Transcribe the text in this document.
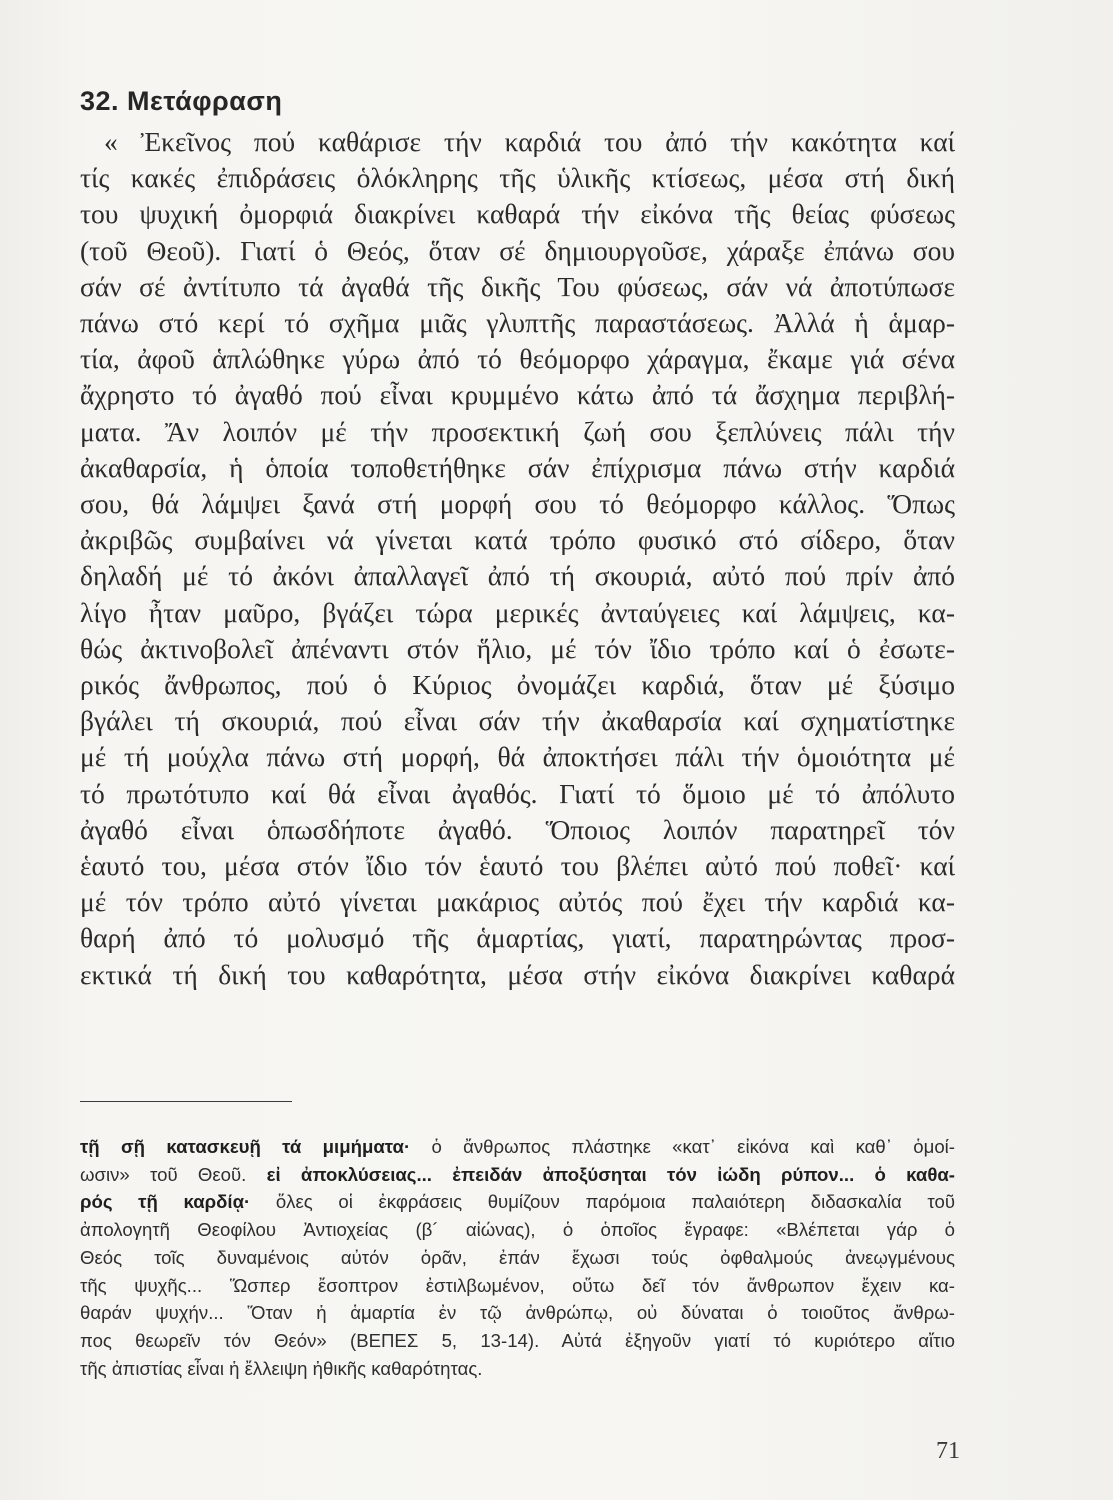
32. Μετάφραση
« Ἐκεῖνος πού καθάρισε τήν καρδιά του ἀπό τήν κακότητα καί
τίς κακές ἐπιδράσεις ὁλόκληρης τῆς ὑλικῆς κτίσεως, μέσα στή δική
του ψυχική ὀμορφιά διακρίνει καθαρά τήν εἰκόνα τῆς θείας φύσεως
(τοῦ Θεοῦ). Γιατί ὁ Θεός, ὅταν σέ δημιουργοῦσε, χάραξε ἐπάνω σου
σάν σέ ἀντίτυπο τά ἀγαθά τῆς δικῆς Του φύσεως, σάν νά ἀποτύπωσε
πάνω στό κερί τό σχῆμα μιᾶς γλυπτῆς παραστάσεως. Ἀλλά ἡ ἁμαρ-
τία, ἀφοῦ ἁπλώθηκε γύρω ἀπό τό θεόμορφο χάραγμα, ἔκαμε γιά σένα
ἄχρηστο τό ἀγαθό πού εἶναι κρυμμένο κάτω ἀπό τά ἄσχημα περιβλή-
ματα. Ἄν λοιπόν μέ τήν προσεκτική ζωή σου ξεπλύνεις πάλι τήν
ἀκαθαρσία, ἡ ὁποία τοποθετήθηκε σάν ἐπίχρισμα πάνω στήν καρδιά
σου, θά λάμψει ξανά στή μορφή σου τό θεόμορφο κάλλος. Ὅπως
ἀκριβῶς συμβαίνει νά γίνεται κατά τρόπο φυσικό στό σίδερο, ὅταν
δηλαδή μέ τό ἀκόνι ἀπαλλαγεῖ ἀπό τή σκουριά, αὐτό πού πρίν ἀπό
λίγο ἦταν μαῦρο, βγάζει τώρα μερικές ἀνταύγειες καί λάμψεις, κα-
θώς ἀκτινοβολεῖ ἀπέναντι στόν ἥλιο, μέ τόν ἴδιο τρόπο καί ὁ ἐσωτε-
ρικός ἄνθρωπος, πού ὁ Κύριος ὀνομάζει καρδιά, ὅταν μέ ξύσιμο
βγάλει τή σκουριά, πού εἶναι σάν τήν ἀκαθαρσία καί σχηματίστηκε
μέ τή μούχλα πάνω στή μορφή, θά ἀποκτήσει πάλι τήν ὁμοιότητα μέ
τό πρωτότυπο καί θά εἶναι ἀγαθός. Γιατί τό ὅμοιο μέ τό ἀπόλυτο
ἀγαθό εἶναι ὁπωσδήποτε ἀγαθό. Ὅποιος λοιπόν παρατηρεῖ τόν
ἑαυτό του, μέσα στόν ἴδιο τόν ἑαυτό του βλέπει αὐτό πού ποθεῖ· καί
μέ τόν τρόπο αὐτό γίνεται μακάριος αὐτός πού ἔχει τήν καρδιά κα-
θαρή ἀπό τό μολυσμό τῆς ἁμαρτίας, γιατί, παρατηρώντας προσ-
εκτικά τή δική του καθαρότητα, μέσα στήν εἰκόνα διακρίνει καθαρά
τῇ σῇ κατασκευῇ τά μιμήματα· ὁ ἄνθρωπος πλάστηκε «κατ᾽ εἰκόνα καὶ καθ᾽ ὁμοί-
ωσιν» τοῦ Θεοῦ. εἰ ἀποκλύσειας... ἐπειδάν ἀποξύσηται τόν ἰώδη ρύπον... ὁ καθα-
ρός τῇ καρδίᾳ· ὅλες οἱ ἐκφράσεις θυμίζουν παρόμοια παλαιότερη διδασκαλία τοῦ
ἀπολογητῆ Θεοφίλου Ἀντιοχείας (β´ αἰώνας), ὁ ὁποῖος ἔγραφε: «Βλέπεται γάρ ὁ
Θεός τοῖς δυναμένοις αὐτόν ὁρᾶν, ἐπάν ἔχωσι τούς ὀφθαλμούς ἀνεῳγμένους
τῆς ψυχῆς... Ὥσπερ ἔσοπτρον ἐστιλβωμένον, οὕτω δεῖ τόν ἄνθρωπον ἔχειν κα-
θαράν ψυχήν... Ὅταν ἡ ἁμαρτία ἐν τῷ ἀνθρώπῳ, οὐ δύναται ὁ τοιοῦτος ἄνθρω-
πος θεωρεῖν τόν Θεόν» (ΒΕΠΕΣ 5, 13-14). Αὐτά ἐξηγοῦν γιατί τό κυριότερο αἴτιο
τῆς ἀπιστίας εἶναι ἡ ἔλλειψη ἠθικῆς καθαρότητας.
71
